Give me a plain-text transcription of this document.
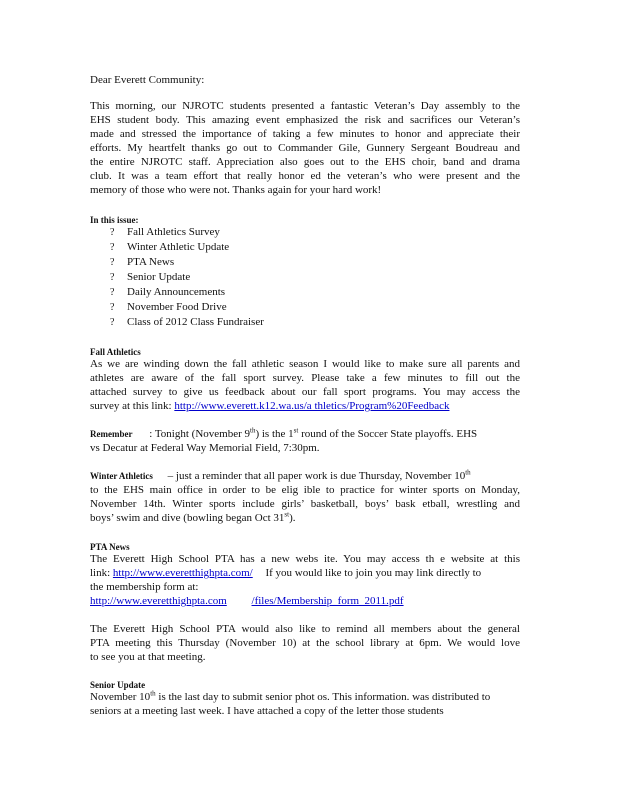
Dear Everett Community:
This morning, our NJROTC students presented a fantastic Veteran’s Day assembly to the
EHS student body. This amazing event emphasized the risk and sacrifices our Veteran’s
made and stressed the importance of taking a few minutes to honor and appreciate their
efforts. My heartfelt thanks go out to Commander Gile, Gunnery Sergeant Boudreau and
the entire NJROTC staff. Appreciation also goes out to the EHS choir, band and drama
club. It was a team effort that really honor ed the veteran’s who were present and the
memory of those who were not. Thanks again for your hard work!
In this issue:
? Fall Athletics Survey
? Winter Athletic Update
? PTA News
? Senior Update
? Daily Announcements
? November Food Drive
? Class of 2012 Class Fundraiser
Fall Athletics
As we are winding down the fall athletic season I would like to make sure all parents and
athletes are aware of the fall sport survey. Please take a few minutes to fill out the
attached survey to give us feedback about our fall sport programs. You may access the
survey at this link: http://www.everett.k12.wa.us/a thletics/Program%20Feedback
Remember : Tonight (November 9th) is the 1st round of the Soccer State playoffs. EHS
vs Decatur at Federal Way Memorial Field, 7:30pm.
Winter Athletics – just a reminder that all paper work is due Thursday, November 10th
to the EHS main office in order to be elig ible to practice for winter sports on Monday,
November 14th. Winter sports include girls’ basketball, boys’ bask etball, wrestling and
boys’ swim and dive (bowling began Oct 31st).
PTA News
The Everett High School PTA has a new webs ite. You may access th e website at this
link: http://www.everetthighpta.com/ If you would like to join you may link directly to
the membership form at:
http://www.everetthighpta.com /files/Membership_form_2011.pdf
The Everett High School PTA would also like to remind all members about the general
PTA meeting this Thursday (November 10) at the school library at 6pm. We would love
to see you at that meeting.
Senior Update
November 10th is the last day to submit senior phot os. This information. was distributed to
seniors at a meeting last week. I have attached a copy of the letter those students
